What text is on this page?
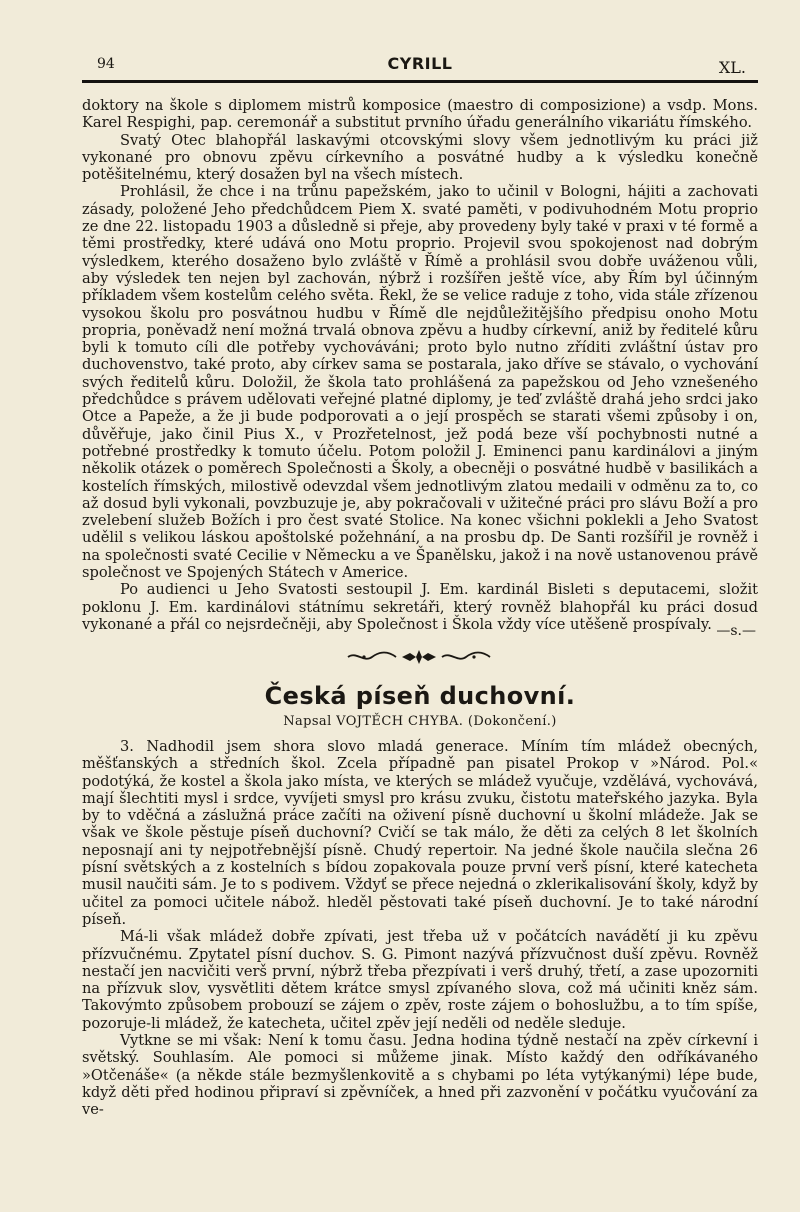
94	CYRILL	XL.

doktory na škole s diplomem mistrů komposice (maestro di composizione) a vsdp. Mons. Karel Respighi, pap. ceremonář a substitut prvního úřadu generálního vikariátu římského.

Svatý Otec blahopřál laskavými otcovskými slovy všem jednotlivým ku práci již vykonané pro obnovu zpěvu církevního a posvátné hudby a k výsledku konečně potěšitelnému, který dosažen byl na všech místech.

Prohlásil, že chce i na trůnu papežském, jako to učinil v Bologni, hájiti a zachovati zásady, položené Jeho předchůdcem Piem X. svaté paměti, v podivuhodném Motu proprio ze dne 22. listopadu 1903 a důsledně si přeje, aby provedeny byly také v praxi v té formě a těmi prostředky, které udává ono Motu proprio. Projevil svou spokojenost nad dobrým výsledkem, kterého dosaženo bylo zvláště v Římě a prohlásil svou dobře uváženou vůli, aby výsledek ten nejen byl zachován, nýbrž i rozšířen ještě více, aby Řím byl účinným příkladem všem kostelům celého světa. Řekl, že se velice raduje z toho, vida stále zřízenou vysokou školu pro posvátnou hudbu v Římě dle nejdůležitějšího předpisu onoho Motu propria, poněvadž není možná trvalá obnova zpěvu a hudby církevní, aniž by ředitelé kůru byli k tomuto cíli dle potřeby vychováváni; proto bylo nutno zříditi zvláštní ústav pro duchovenstvo, také proto, aby církev sama se postarala, jako dříve se stávalo, o vychování svých ředitelů kůru. Doložil, že škola tato prohlášená za papežskou od Jeho vznešeného předchůdce s právem udělovati veřejné platné diplomy, je teď zvláště drahá jeho srdci jako Otce a Papeže, a že ji bude podporovati a o její prospěch se starati všemi způsoby i on, důvěřuje, jako činil Pius X., v Prozřetelnost, jež podá beze vší pochybnosti nutné a potřebné prostředky k tomuto účelu. Potom položil J. Eminenci panu kardinálovi a jiným několik otázek o poměrech Společnosti a Školy, a obecněji o posvátné hudbě v basilikách a kostelích římských, milostivě odevzdal všem jednotlivým zlatou medaili v odměnu za to, co až dosud byli vykonali, povzbuzuje je, aby pokračovali v užitečné práci pro slávu Boží a pro zvelebení služeb Božích i pro čest svaté Stolice. Na konec všichni poklekli a Jeho Svatost udělil s velikou láskou apoštolské požehnání, a na prosbu dp. De Santi rozšířil je rovněž i na společnosti svaté Cecilie v Německu a ve Španělsku, jakož i na nově ustanovenou právě společnost ve Spojených Státech v Americe.

Po audienci u Jeho Svatosti sestoupil J. Em. kardinál Bisleti s deputacemi, složit poklonu J. Em. kardinálovi státnímu sekretáři, který rovněž blahopřál ku práci dosud vykonané a přál co nejsrdečněji, aby Společnost i Škola vždy více utěšeně prospívaly. —s.—
Česká píseň duchovní.
Napsal VOJTĚCH CHYBA. (Dokončení.)

3. Nadhodil jsem shora slovo mladá generace. Míním tím mládež obecných, měšťanských a středních škol. Zcela případně pan pisatel Prokop v »Národ. Pol.« podotýká, že kostel a škola jako místa, ve kterých se mládež vyučuje, vzdělává, vychovává, mají šlechtiti mysl i srdce, vyvíjeti smysl pro krásu zvuku, čistotu mateřského jazyka. Byla by to vděčná a záslužná práce začíti na oživení písně duchovní u školní mládeže. Jak se však ve škole pěstuje píseň duchovní? Cvičí se tak málo, že děti za celých 8 let školních neposnají ani ty nejpotřebnější písně. Chudý repertoir. Na jedné škole naučila slečna 26 písní světských a z kostelních s bídou zopakovala pouze první verš písní, které katecheta musil naučiti sám. Je to s podivem. Vždyť se přece nejedná o zklerikalisování školy, když by učitel za pomoci učitele nábož. hleděl pěstovati také píseň duchovní. Je to také národní píseň.

Má-li však mládež dobře zpívati, jest třeba už v počátcích navádětí ji ku zpěvu přízvučnému. Zpytatel písní duchov. S. G. Pimont nazývá přízvučnost duší zpěvu. Rovněž nestačí jen nacvičiti verš první, nýbrž třeba přezpívati i verš druhý, třetí, a zase upozorniti na přízvuk slov, vysvětliti dětem krátce smysl zpívaného slova, což má učiniti kněz sám. Takovýmto způsobem probouzí se zájem o zpěv, roste zájem o bohoslužbu, a to tím spíše, pozoruje-li mládež, že katecheta, učitel zpěv její neděli od neděle sleduje.

Vytkne se mi však: Není k tomu času. Jedna hodina týdně nestačí na zpěv církevní i světský. Souhlasím. Ale pomoci si můžeme jinak. Místo každý den odříkávaného »Otčenáše« (a někde stále bezmyšlenkovitě a s chybami po léta vytýkanými) lépe bude, když děti před hodinou připraví si zpěvníček, a hned při zazvonění v počátku vyučování za ve-
